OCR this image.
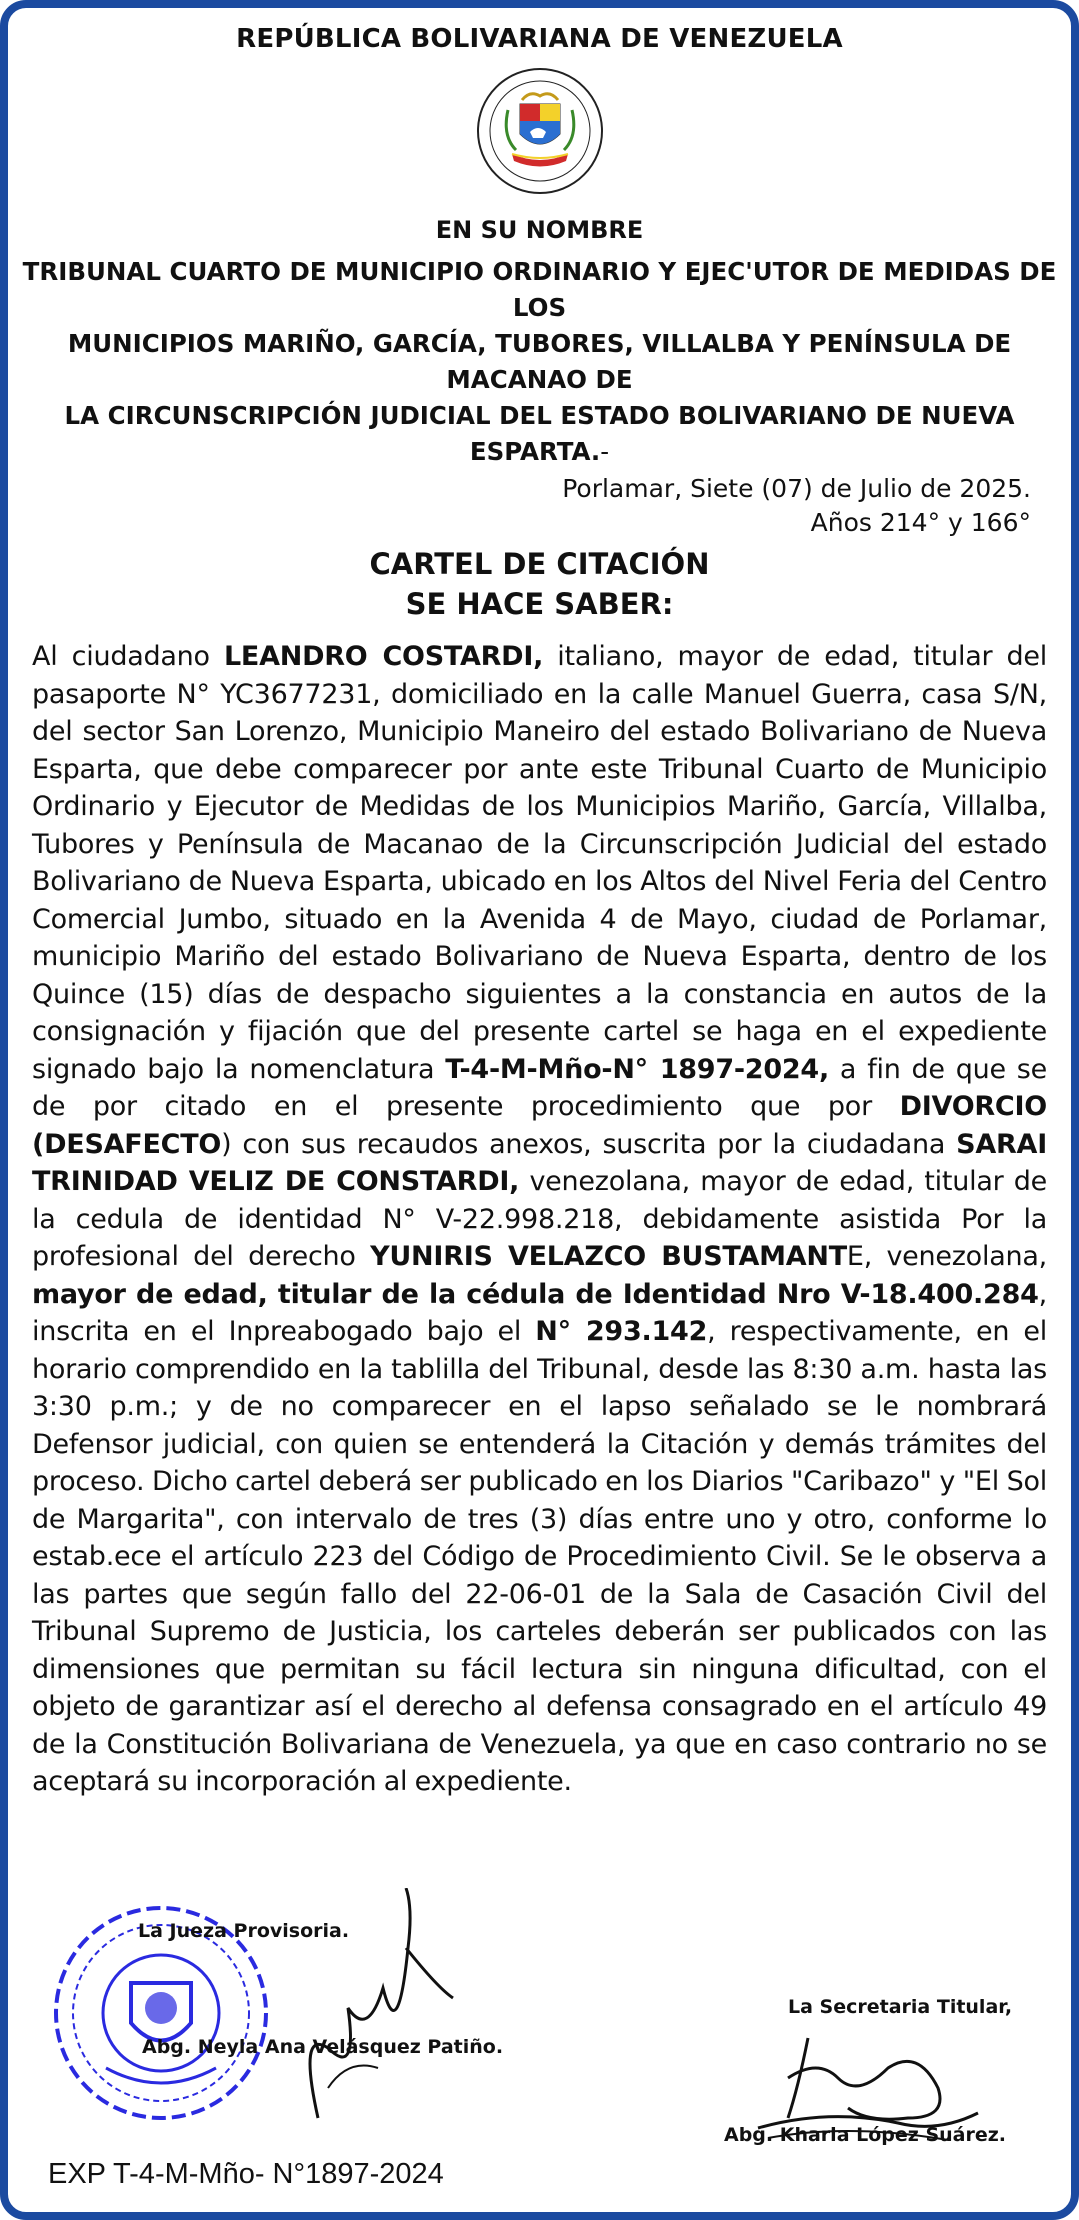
REPÚBLICA BOLIVARIANA DE VENEZUELA
EN SU NOMBRE
TRIBUNAL CUARTO DE MUNICIPIO ORDINARIO Y EJEC'UTOR DE MEDIDAS DE LOS
MUNICIPIOS MARIÑO, GARCÍA, TUBORES, VILLALBA Y PENÍNSULA DE MACANAO DE
LA CIRCUNSCRIPCIÓN JUDICIAL DEL ESTADO BOLIVARIANO DE NUEVA ESPARTA.-
Porlamar, Siete (07) de Julio de 2025.
Años 214° y 166°
CARTEL DE CITACIÓN
SE HACE SABER:
Al ciudadano LEANDRO COSTARDI, italiano, mayor de edad, titular del pasaporte N° YC3677231, domiciliado en la calle Manuel Guerra, casa S/N, del sector San Lorenzo, Municipio Maneiro del estado Bolivariano de Nueva Esparta, que debe comparecer por ante este Tribunal Cuarto de Municipio Ordinario y Ejecutor de Medidas de los Municipios Mariño, García, Villalba, Tubores y Península de Macanao de la Circunscripción Judicial del estado Bolivariano de Nueva Esparta, ubicado en los Altos del Nivel Feria del Centro Comercial Jumbo, situado en la Avenida 4 de Mayo, ciudad de Porlamar, municipio Mariño del estado Bolivariano de Nueva Esparta, dentro de los Quince (15) días de despacho siguientes a la constancia en autos de la consignación y fijación que del presente cartel se haga en el expediente signado bajo la nomenclatura T-4-M-Mño-N° 1897-2024, a fin de que se de por citado en el presente procedimiento que por DIVORCIO (DESAFECTO) con sus recaudos anexos, suscrita por la ciudadana SARAI TRINIDAD VELIZ DE CONSTARDI, venezolana, mayor de edad, titular de la cedula de identidad N° V-22.998.218, debidamente asistida Por la profesional del derecho YUNIRIS VELAZCO BUSTAMANTE, venezolana, mayor de edad, titular de la cédula de Identidad Nro V-18.400.284, inscrita en el Inpreabogado bajo el N° 293.142, respectivamente, en el horario comprendido en la tablilla del Tribunal, desde las 8:30 a.m. hasta las 3:30 p.m.; y de no comparecer en el lapso señalado se le nombrará Defensor judicial, con quien se entenderá la Citación y demás trámites del proceso. Dicho cartel deberá ser publicado en los Diarios "Caribazo" y "El Sol de Margarita", con intervalo de tres (3) días entre uno y otro, conforme lo estab.ece el artículo 223 del Código de Procedimiento Civil. Se le observa a las partes que según fallo del 22-06-01 de la Sala de Casación Civil del Tribunal Supremo de Justicia, los carteles deberán ser publicados con las dimensiones que permitan su fácil lectura sin ninguna dificultad, con el objeto de garantizar así el derecho al defensa consagrado en el artículo 49 de la Constitución Bolivariana de Venezuela, ya que en caso contrario no se aceptará su incorporación al expediente.
La Jueza Provisoria.
Abg. Neyla Ana Velásquez Patiño.
La Secretaria Titular,
Abg. Kharla López Suárez.
EXP T-4-M-Mño- N°1897-2024
